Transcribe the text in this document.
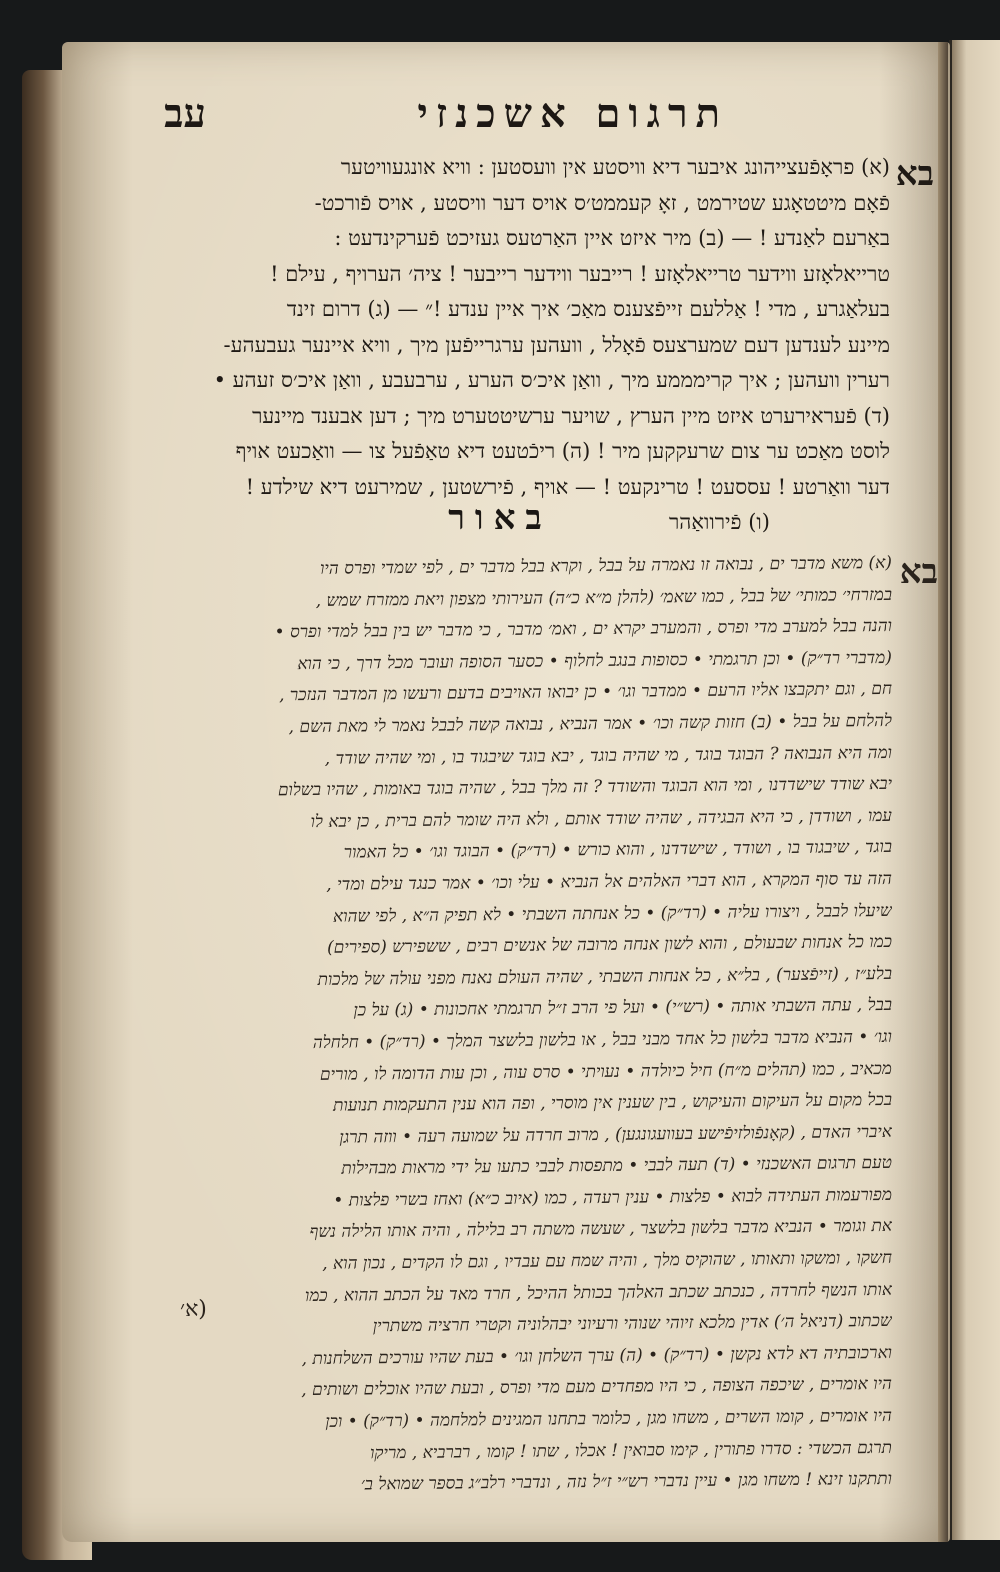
תרגום אשכנזי
עב
בא
(א) פראָפֿעצייהונג איבער דיא וויסטע אין וועסטען : וויא אונגעוויטער
פֿאָם מיטטאָגע שטירמט , זאָ קעממט׳ס אויס דער וויסטע , אויס פֿורכט-
באַרעם לאַנדע ! — (ב) מיר איזט איין האַרטעס געזיכט פֿערקינדעט :
טרייאלאָזע ווידער טרייאלאָזע ! רייבער ווידער רייבער ! ציה׳ הערויף , עילם !
בעלאַגרע , מדי ! אַללעם זייפֿצענס מאַכ׳ איך איין ענדע !״ — (ג) דרום זינד
מיינע לענדען דעם שמערצעס פֿאָלל , וועהען ערגרייפֿען מיך , וויא איינער געבעהע-
רערין וועהען ; איך קרימממע מיך , וואַן איכ׳ס הערע , ערבעבע , וואַן איכ׳ס זעהע •
(ד) פֿעראירערט איזט מיין הערץ , שויער ערשיטטערט מיך ; דען אבענד מיינער
לוסט מאַכט ער צום שרעקקען מיר ! (ה) ריכֿטעט דיא טאַפֿעל צו — וואַכעט אויף
דער וואַרטע ! עססעט ! טרינקעט ! — אויף , פֿירשטען , שמירעט דיא שילדע !
(ו) פֿירוואַהר
באור
בא
(א) משא מדבר ים , נבואה זו נאמרה על בבל , וקרא בבל מדבר ים , לפי שמדי ופרס היו
במזרחי׳ כמותי׳ של בבל , כמו שאמ׳ (להלן מ״א כ״ה) העירותי מצפון ויאת ממזרח שמש ,
והנה בבל למערב מדי ופרס , והמערב יקרא ים , ואמ׳ מדבר , כי מדבר יש בין בבל למדי ופרס •
(מדברי רד״ק) • וכן תרגמתי • כסופות בנגב לחלוף • כסער הסופה ועובר מכל דרך , כי הוא
חם , וגם יתקבצו אליו הרעם • ממדבר וגו׳ • כן יבואו האויבים בדעם ורעשו מן המדבר הנזכר ,
להלחם על בבל • (ב) חזות קשה וכו׳ • אמר הנביא , נבואה קשה לבבל נאמר לי מאת השם ,
ומה היא הנבואה ? הבוגד בוגד , מי שהיה בוגד , יבא בוגד שיבגוד בו , ומי שהיה שודד ,
יבא שודד שישדדנו , ומי הוא הבוגד והשודד ? זה מלך בבל , שהיה בוגד באומות , שהיו בשלום
עמו , ושודדן , כי היא הבגידה , שהיה שודד אותם , ולא היה שומר להם ברית , כן יבא לו
בוגד , שיבגוד בו , ושודד , שישדדנו , והוא כורש • (רד״ק) • הבוגד וגו׳ • כל האמור
הזה עד סוף המקרא , הוא דברי האלהים אל הנביא • עלי וכו׳ • אמר כנגד עילם ומדי ,
שיעלו לבבל , ויצורו עליה • (רד״ק) • כל אנחתה השבתי • לא תפיק ה״א , לפי שהוא
כמו כל אנחות שבעולם , והוא לשון אנחה מרובה של אנשים רבים , ששפירש (ספירים)
בלע״ז , (זייפֿצער) , בל״א , כל אנחות השבתי , שהיה העולם נאנח מפני עולה של מלכות
בבל , עתה השבתי אותה • (רש״י) • ועל פי הרב ז״ל תרגמתי אחכונות • (ג) על כן
וגו׳ • הנביא מדבר בלשון כל אחד מבני בבל , או בלשון בלשצר המלך • (רד״ק) • חלחלה
מכאיב , כמו (תהלים מ״ח) חיל כיולדה • נעויתי • סרס עוה , וכן עות הדומה לו , מורים
בכל מקום על העיקום והעיקוש , בין שענין אין מוסרי , ופה הוא ענין התעקמות תנועות
איברי האדם , (קאָנפֿולזיפֿישע בעוועגונגען) , מרוב חרדה על שמועה רעה • ווזה תרגן
טעם תרגום האשכנזי • (ד) תעה לבבי • מתפסות לבבי כתעו על ידי מראות מבהילות
מפורעמות העתידה לבוא • פלצות • ענין רעדה , כמו (איוב כ״א) ואחז בשרי פלצות •
את וגומר • הנביא מדבר בלשון בלשצר , שעשה משתה רב בלילה , והיה אותו הלילה נשף
חשקו , ומשקו ותאותו , שהוקיס מלך , והיה שמח עם עבדיו , וגם לו הקדים , נכון הוא ,
אותו הנשף לחרדה , כנכתב שכתב האלהך בכותל ההיכל , חרד מאד על הכתב ההוא , כמו
שכתוב (דניאל ה׳) אדין מלכא זיוהי שנוהי ורעיוני יבהלוניה וקטרי חרציה משתרין
וארכובתיה דא לדא נקשן • (רד״ק) • (ה) ערך השלחן וגו׳ • בעת שהיו עורכים השלחנות ,
היו אומרים , שיכפה הצופה , כי היו מפחדים מעם מדי ופרס , ובעת שהיו אוכלים ושותים ,
היו אומרים , קומו השרים , משחו מגן , כלומר בתחנו המגינים למלחמה • (רד״ק) • וכן
תרגם הכשדי : סדרו פתורין , קימו סבואין ! אכלו , שתו ! קומו , רברביא , מריקו
ותתקנו זינא ! משחו מגן • עיין נדברי רש״י ז״ל נזה , ונדברי רלב״ג בספר שמואל ב׳
(א׳
